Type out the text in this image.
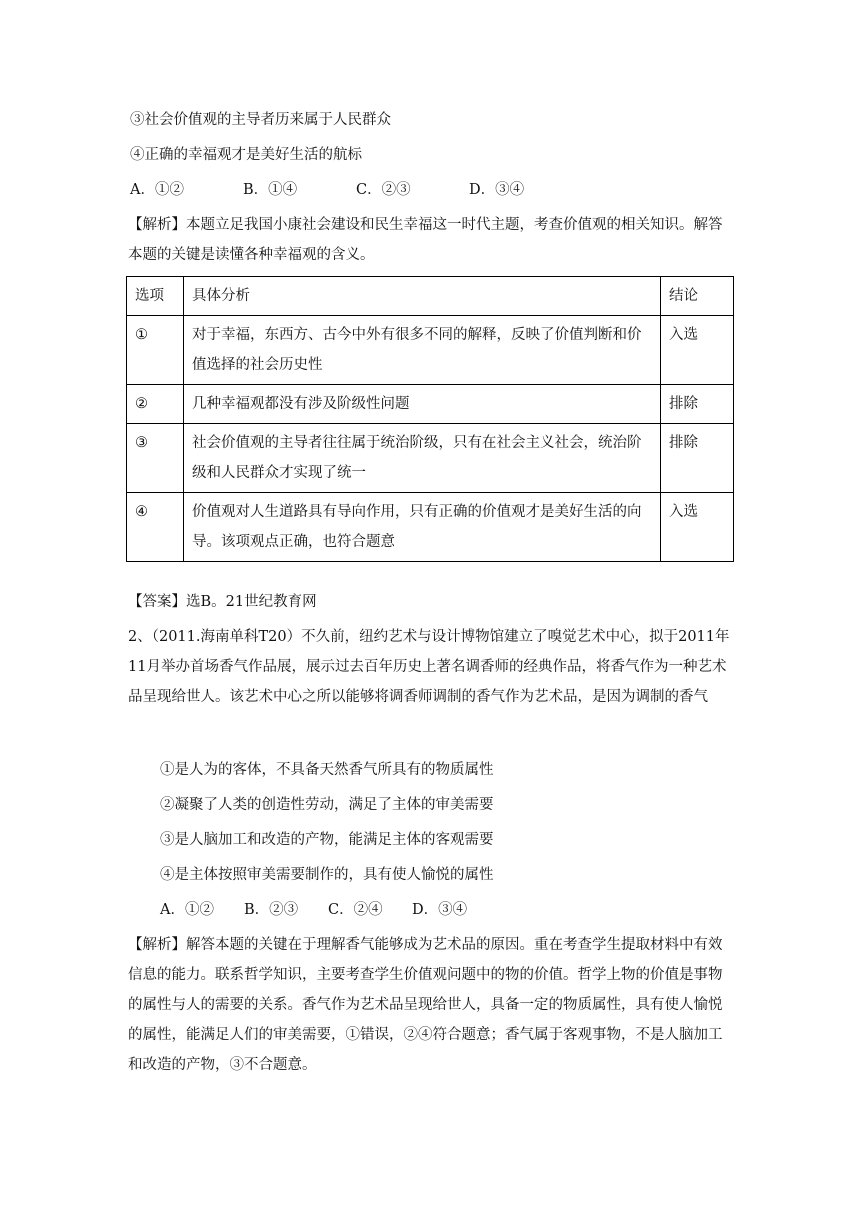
③社会价值观的主导者历来属于人民群众
④正确的幸福观才是美好生活的航标
A．①②	B．①④	C．②③	D．③④
【解析】本题立足我国小康社会建设和民生幸福这一时代主题，考查价值观的相关知识。解答本题的关键是读懂各种幸福观的含义。
选项	具体分析	结论
①	对于幸福，东西方、古今中外有很多不同的解释，反映了价值判断和价值选择的社会历史性	入选
②	几种幸福观都没有涉及阶级性问题	排除
③	社会价值观的主导者往往属于统治阶级，只有在社会主义社会，统治阶级和人民群众才实现了统一	排除
④	价值观对人生道路具有导向作用，只有正确的价值观才是美好生活的向导。该项观点正确，也符合题意	入选
【答案】选B。21世纪教育网
2、（2011.海南单科T20）不久前，纽约艺术与设计博物馆建立了嗅觉艺术中心，拟于2011年11月举办首场香气作品展，展示过去百年历史上著名调香师的经典作品，将香气作为一种艺术品呈现给世人。该艺术中心之所以能够将调香师调制的香气作为艺术品，是因为调制的香气
①是人为的客体，不具备天然香气所具有的物质属性
②凝聚了人类的创造性劳动，满足了主体的审美需要
③是人脑加工和改造的产物，能满足主体的客观需要
④是主体按照审美需要制作的，具有使人愉悦的属性
A．①② B．②③ C．②④ D．③④
【解析】解答本题的关键在于理解香气能够成为艺术品的原因。重在考查学生提取材料中有效信息的能力。联系哲学知识，主要考查学生价值观问题中的物的价值。哲学上物的价值是事物的属性与人的需要的关系。香气作为艺术品呈现给世人，具备一定的物质属性，具有使人愉悦的属性，能满足人们的审美需要，①错误，②④符合题意；香气属于客观事物，不是人脑加工和改造的产物，③不合题意。
